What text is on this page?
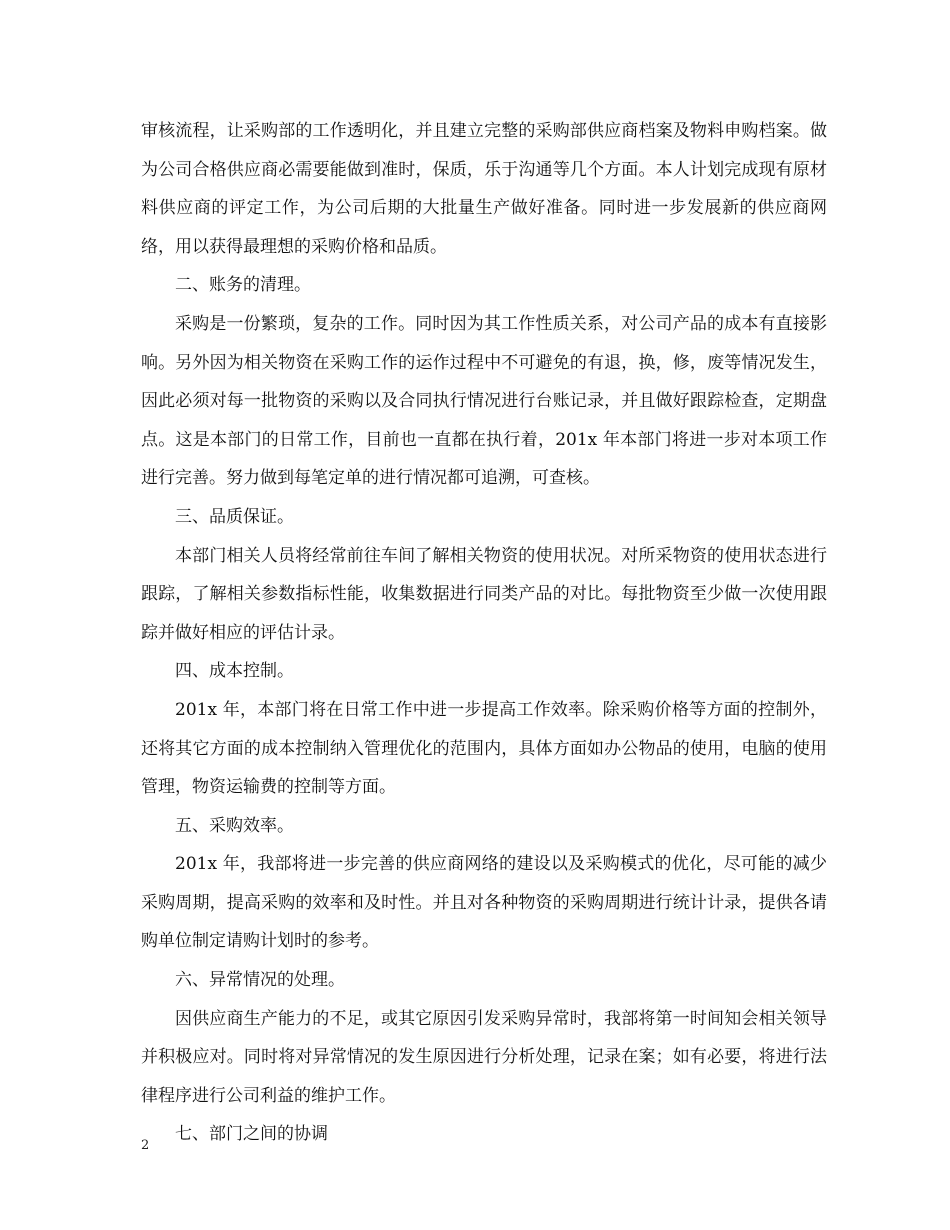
审核流程，让采购部的工作透明化，并且建立完整的采购部供应商档案及物料申购档案。做为公司合格供应商必需要能做到准时，保质，乐于沟通等几个方面。本人计划完成现有原材料供应商的评定工作，为公司后期的大批量生产做好准备。同时进一步发展新的供应商网络，用以获得最理想的采购价格和品质。

二、账务的清理。

采购是一份繁琐，复杂的工作。同时因为其工作性质关系，对公司产品的成本有直接影响。另外因为相关物资在采购工作的运作过程中不可避免的有退，换，修，废等情况发生，因此必须对每一批物资的采购以及合同执行情况进行台账记录，并且做好跟踪检查，定期盘点。这是本部门的日常工作，目前也一直都在执行着，201x 年本部门将进一步对本项工作进行完善。努力做到每笔定单的进行情况都可追溯，可查核。

三、品质保证。

本部门相关人员将经常前往车间了解相关物资的使用状况。对所采物资的使用状态进行跟踪，了解相关参数指标性能，收集数据进行同类产品的对比。每批物资至少做一次使用跟踪并做好相应的评估计录。

四、成本控制。

201x 年，本部门将在日常工作中进一步提高工作效率。除采购价格等方面的控制外，还将其它方面的成本控制纳入管理优化的范围内，具体方面如办公物品的使用，电脑的使用管理，物资运输费的控制等方面。

五、采购效率。

201x 年，我部将进一步完善的供应商网络的建设以及采购模式的优化，尽可能的减少采购周期，提高采购的效率和及时性。并且对各种物资的采购周期进行统计计录，提供各请购单位制定请购计划时的参考。

六、异常情况的处理。

因供应商生产能力的不足，或其它原因引发采购异常时，我部将第一时间知会相关领导并积极应对。同时将对异常情况的发生原因进行分析处理，记录在案；如有必要，将进行法律程序进行公司利益的维护工作。

七、部门之间的协调

2
